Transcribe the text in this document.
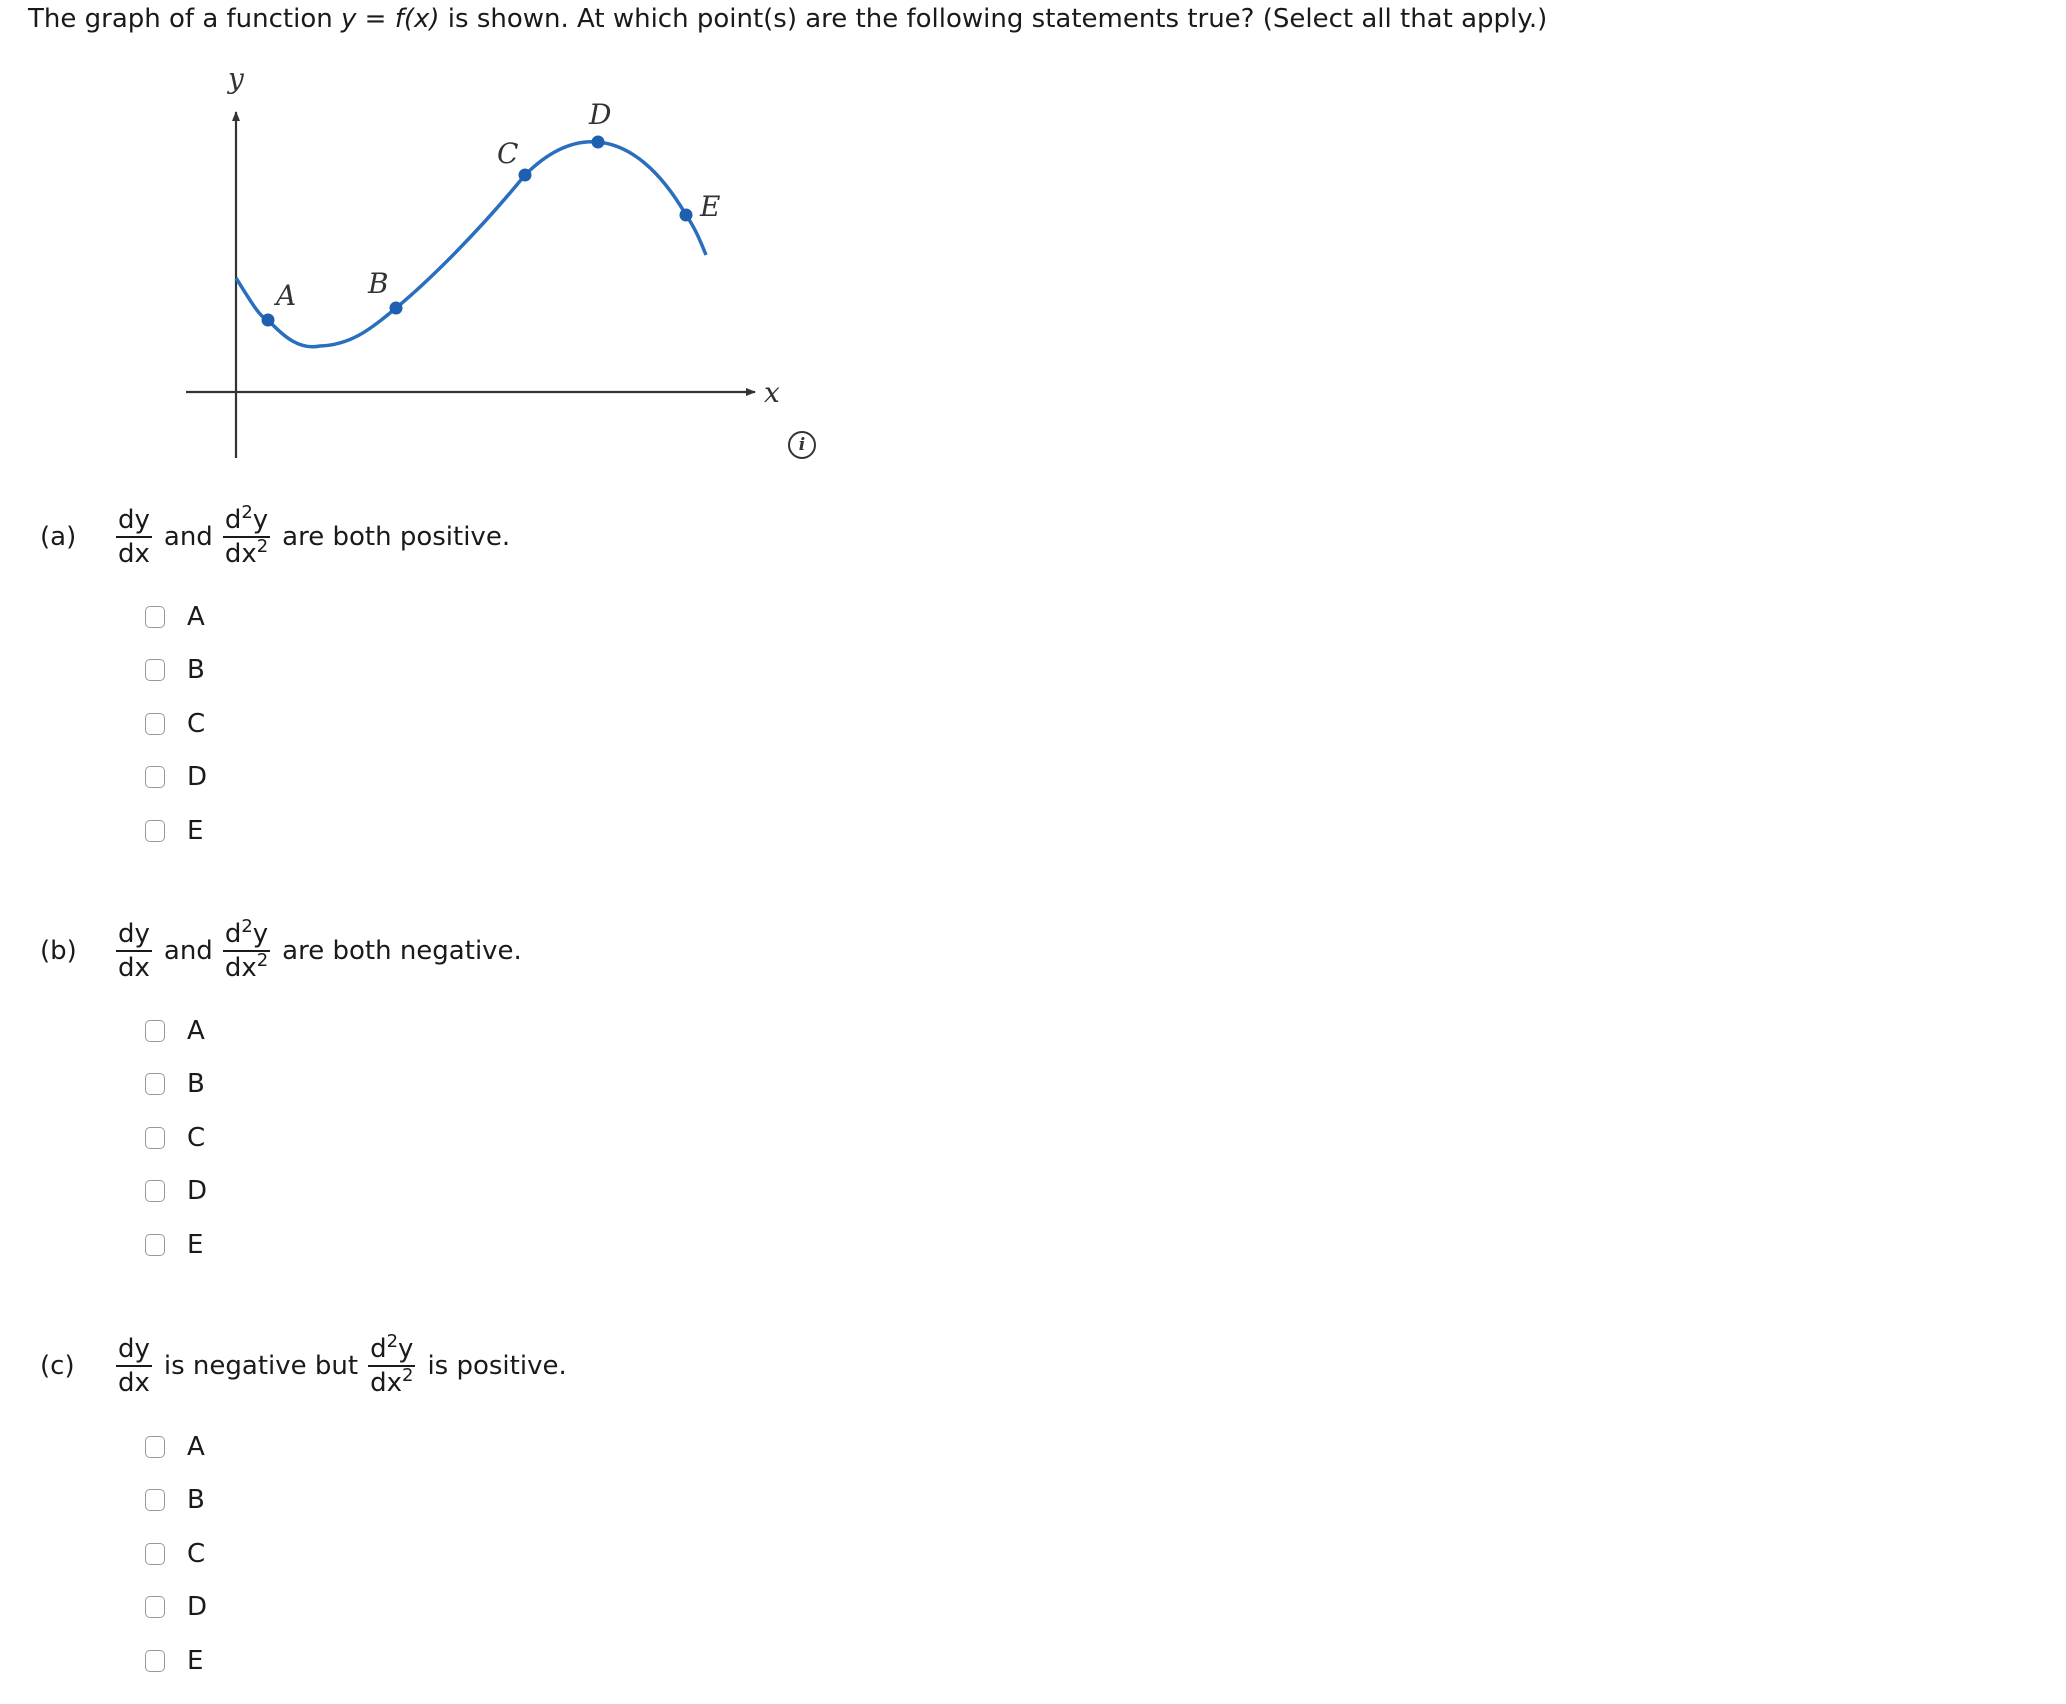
The graph of a function y = f(x) is shown. At which point(s) are the following statements true? (Select all that apply.)
y
x
A	B
C
D
E
i
(a)	$\frac{dy}{dx}$ and $\frac{d^2y}{dx^2}$ are both positive.
A
B
C
D
E
(b)	$\frac{dy}{dx}$ and $\frac{d^2y}{dx^2}$ are both negative.
A
B
C
D
E
(c)	$\frac{dy}{dx}$ is negative but $\frac{d^2y}{dx^2}$ is positive.
A
B
C
D
E
